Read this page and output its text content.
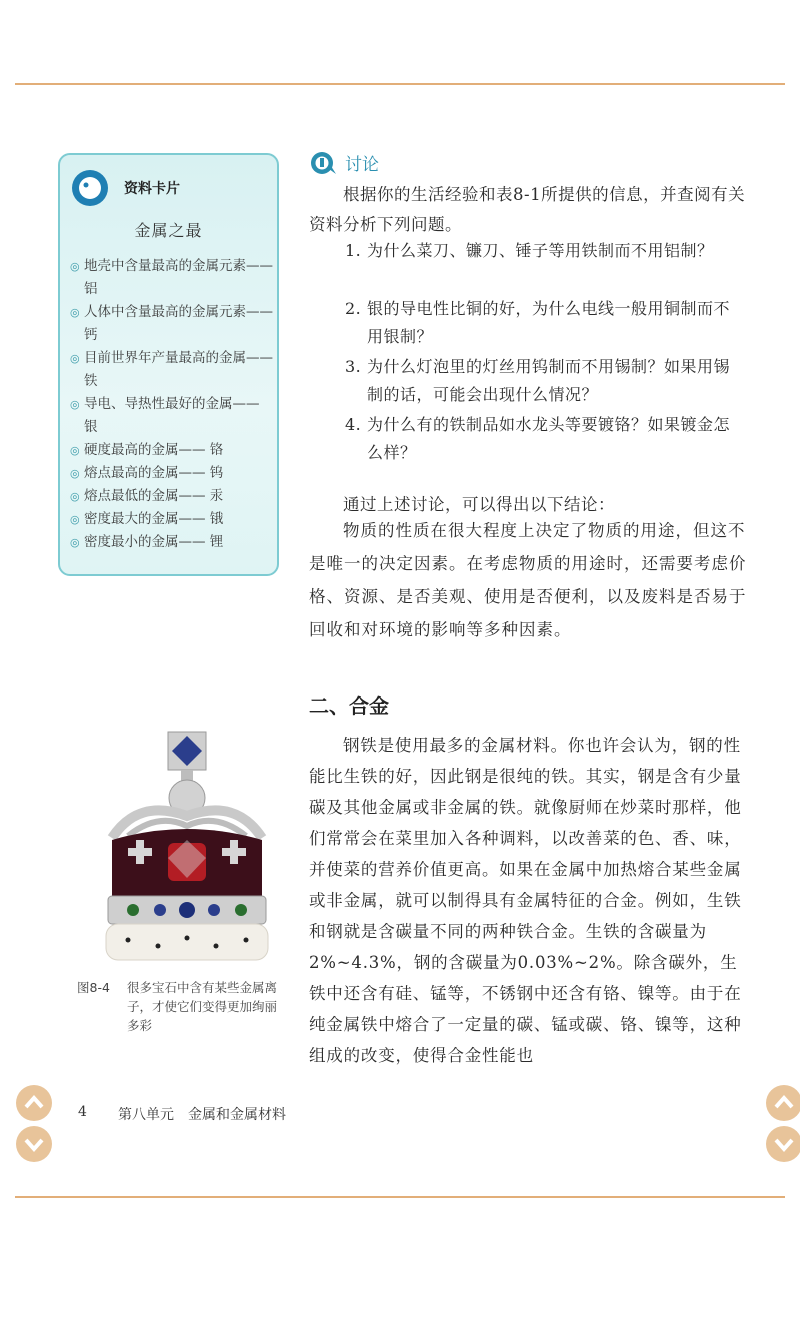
资料卡片
金属之最
◎ 地壳中含量最高的金属元素—— 铝
◎ 人体中含量最高的金属元素—— 钙
◎ 目前世界年产量最高的金属—— 铁
◎ 导电、导热性最好的金属—— 银
◎ 硬度最高的金属—— 铬
◎ 熔点最高的金属—— 钨
◎ 熔点最低的金属—— 汞
◎ 密度最大的金属—— 锇
◎ 密度最小的金属—— 锂
讨论
根据你的生活经验和表8-1所提供的信息，并查阅有关资料分析下列问题。
1. 为什么菜刀、镰刀、锤子等用铁制而不用铝制？
2. 银的导电性比铜的好，为什么电线一般用铜制而不用银制？
3. 为什么灯泡里的灯丝用钨制而不用锡制？如果用锡制的话，可能会出现什么情况？
4. 为什么有的铁制品如水龙头等要镀铬？如果镀金怎么样？
通过上述讨论，可以得出以下结论：
物质的性质在很大程度上决定了物质的用途，但这不是唯一的决定因素。在考虑物质的用途时，还需要考虑价格、资源、是否美观、使用是否便利，以及废料是否易于回收和对环境的影响等多种因素。
二、合金
钢铁是使用最多的金属材料。你也许会认为，钢的性能比生铁的好，因此钢是很纯的铁。其实，钢是含有少量碳及其他金属或非金属的铁。就像厨师在炒菜时那样，他们常常会在菜里加入各种调料，以改善菜的色、香、味，并使菜的营养价值更高。如果在金属中加热熔合某些金属或非金属，就可以制得具有金属特征的合金。例如，生铁和钢就是含碳量不同的两种铁合金。生铁的含碳量为2%~4.3%，钢的含碳量为0.03%~2%。除含碳外，生铁中还含有硅、锰等，不锈钢中还含有铬、镍等。由于在纯金属铁中熔合了一定量的碳、锰或碳、铬、镍等，这种组成的改变，使得合金性能也
图8-4	很多宝石中含有某些金属离子，才使它们变得更加绚丽多彩
4 第八单元　金属和金属材料
